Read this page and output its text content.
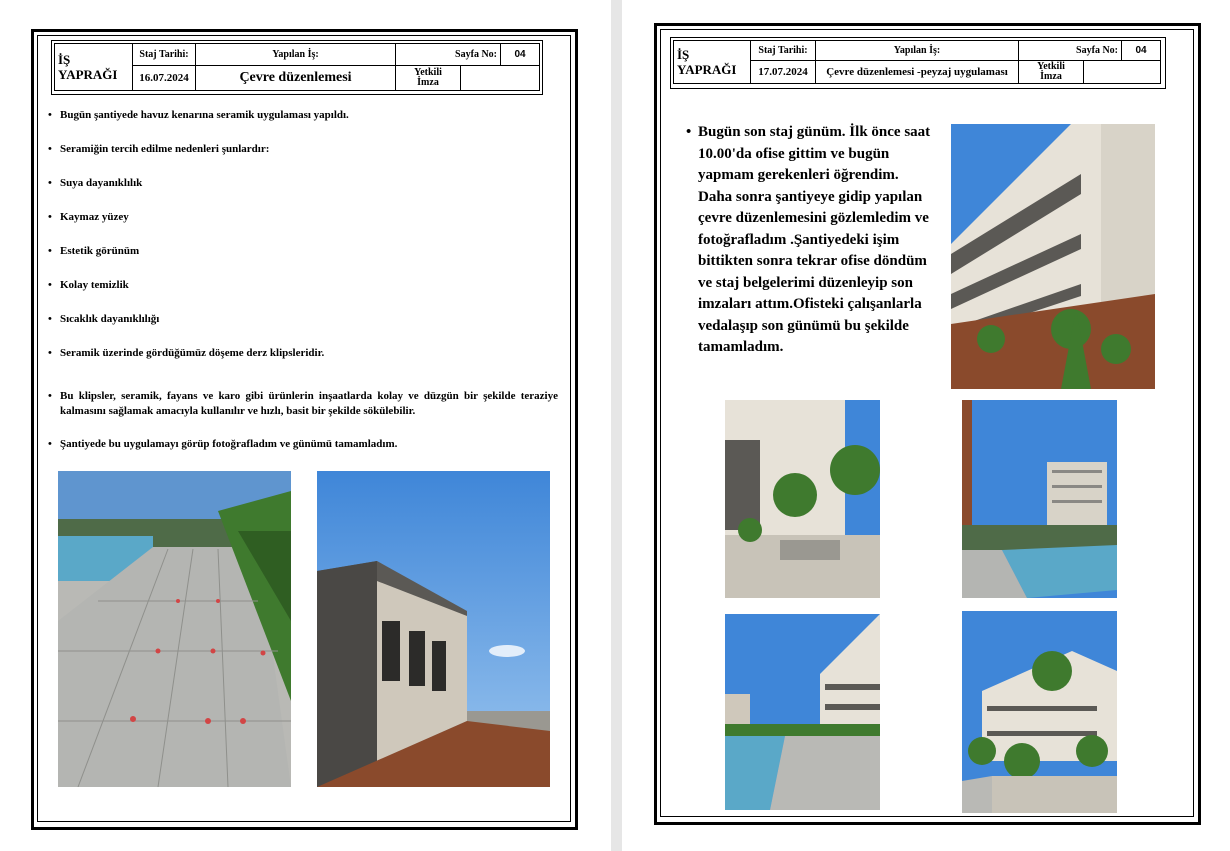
İŞ
YAPRAĞI	Staj Tarihi:	Yapılan İş:	Sayfa No:		04
	16.07.2024	Çevre düzenlemesi	Yetkili
İmza		
• Bugün şantiyede havuz kenarına seramik uygulaması yapıldı.
• Seramiğin tercih edilme nedenleri şunlardır:
• Suya dayanıklılık
• Kaymaz yüzey
• Estetik görünüm
• Kolay temizlik
• Sıcaklık dayanıklılığı
• Seramik üzerinde gördüğümüz döşeme derz klipsleridir.
• Bu klipsler, seramik, fayans ve karo gibi ürünlerin inşaatlarda kolay ve düzgün bir şekilde teraziye kalmasını sağlamak amacıyla kullanılır ve hızlı, basit bir şekilde sökülebilir.
• Şantiyede bu uygulamayı görüp fotoğrafladım ve günümü tamamladım.
İŞ
YAPRAĞI	Staj Tarihi:	Yapılan İş:	Sayfa No:		04
	17.07.2024	Çevre düzenlemesi -peyzaj uygulaması	Yetkili
İmza		
• Bugün son staj günüm. İlk önce saat 10.00'da ofise gittim ve bugün yapmam gerekenleri öğrendim. Daha sonra şantiyeye gidip yapılan çevre düzenlemesini gözlemledim ve fotoğrafladım .Şantiyedeki işim bittikten sonra tekrar ofise döndüm ve staj belgelerimi düzenleyip son imzaları attım.Ofisteki çalışanlarla vedalaşıp son günümü bu şekilde tamamladım.
